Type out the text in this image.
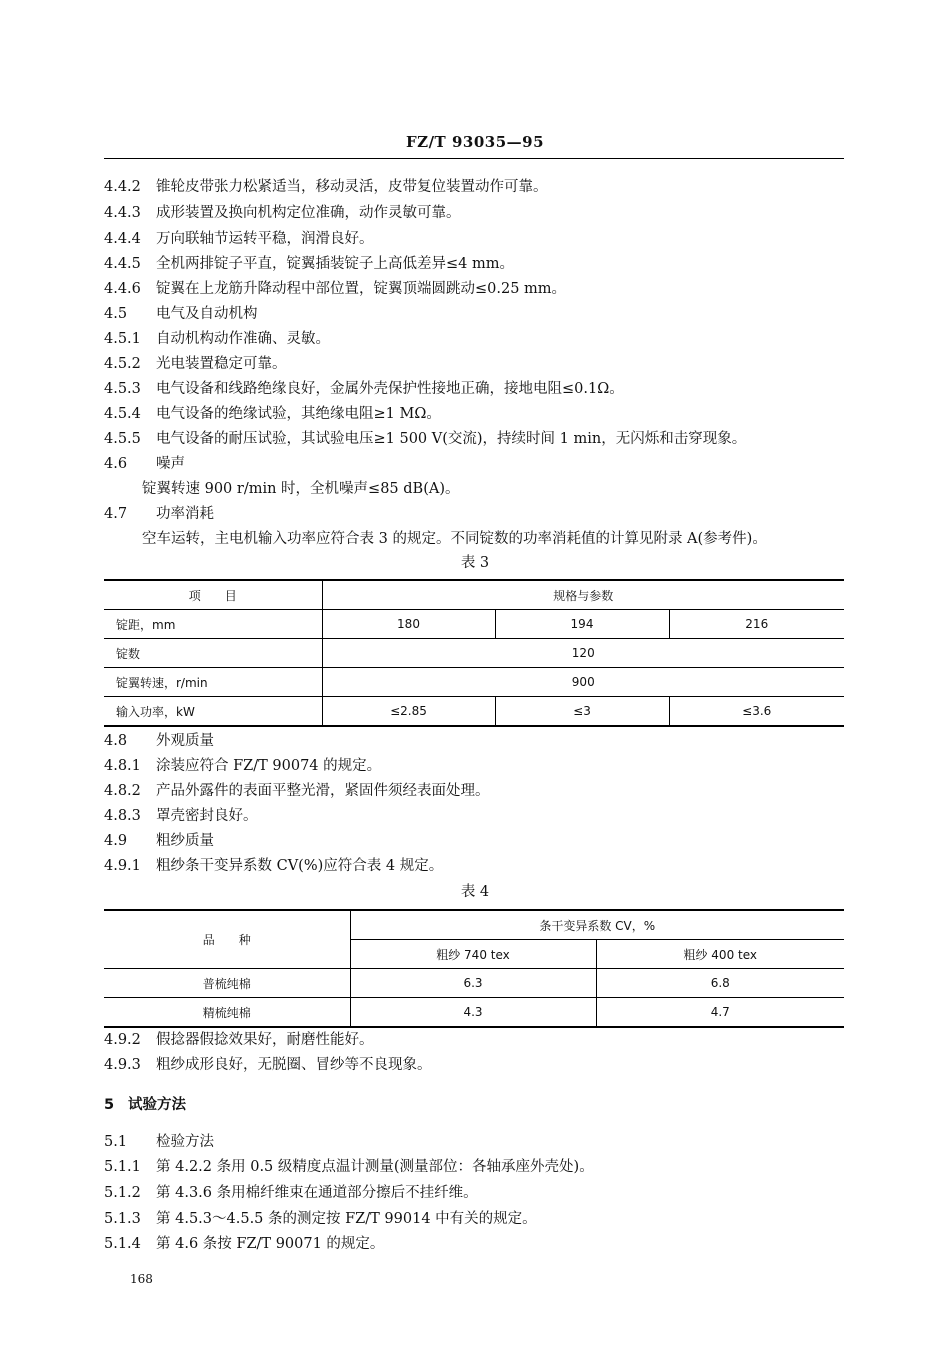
FZ/T 93035—95
4.4.2 锥轮皮带张力松紧适当，移动灵活，皮带复位装置动作可靠。
4.4.3 成形装置及换向机构定位准确，动作灵敏可靠。
4.4.4 万向联轴节运转平稳，润滑良好。
4.4.5 全机两排锭子平直，锭翼插装锭子上高低差异≤4 mm。
4.4.6 锭翼在上龙筋升降动程中部位置，锭翼顶端圆跳动≤0.25 mm。
4.5 电气及自动机构
4.5.1 自动机构动作准确、灵敏。
4.5.2 光电装置稳定可靠。
4.5.3 电气设备和线路绝缘良好，金属外壳保护性接地正确，接地电阻≤0.1Ω。
4.5.4 电气设备的绝缘试验，其绝缘电阻≥1 MΩ。
4.5.5 电气设备的耐压试验，其试验电压≥1 500 V(交流)，持续时间 1 min，无闪烁和击穿现象。
4.6 噪声
锭翼转速 900 r/min 时，全机噪声≤85 dB(A)。
4.7 功率消耗
空车运转，主电机输入功率应符合表 3 的规定。不同锭数的功率消耗值的计算见附录 A(参考件)。
表 3
项　　目	规格与参数		
锭距，mm	180	194	216
锭数	120		
锭翼转速，r/min	900		
输入功率，kW	≤2.85	≤3	≤3.6
4.8 外观质量
4.8.1 涂装应符合 FZ/T 90074 的规定。
4.8.2 产品外露件的表面平整光滑，紧固件须经表面处理。
4.8.3 罩壳密封良好。
4.9 粗纱质量
4.9.1 粗纱条干变异系数 CV(%)应符合表 4 规定。
表 4
品　　种	条干变异系数 CV，%	
	粗纱 740 tex	粗纱 400 tex
普梳纯棉	6.3	6.8
精梳纯棉	4.3	4.7
4.9.2 假捻器假捻效果好，耐磨性能好。
4.9.3 粗纱成形良好，无脱圈、冒纱等不良现象。
5 试验方法
5.1 检验方法
5.1.1 第 4.2.2 条用 0.5 级精度点温计测量(测量部位：各轴承座外壳处)。
5.1.2 第 4.3.6 条用棉纤维束在通道部分擦后不挂纤维。
5.1.3 第 4.5.3～4.5.5 条的测定按 FZ/T 99014 中有关的规定。
5.1.4 第 4.6 条按 FZ/T 90071 的规定。
168
